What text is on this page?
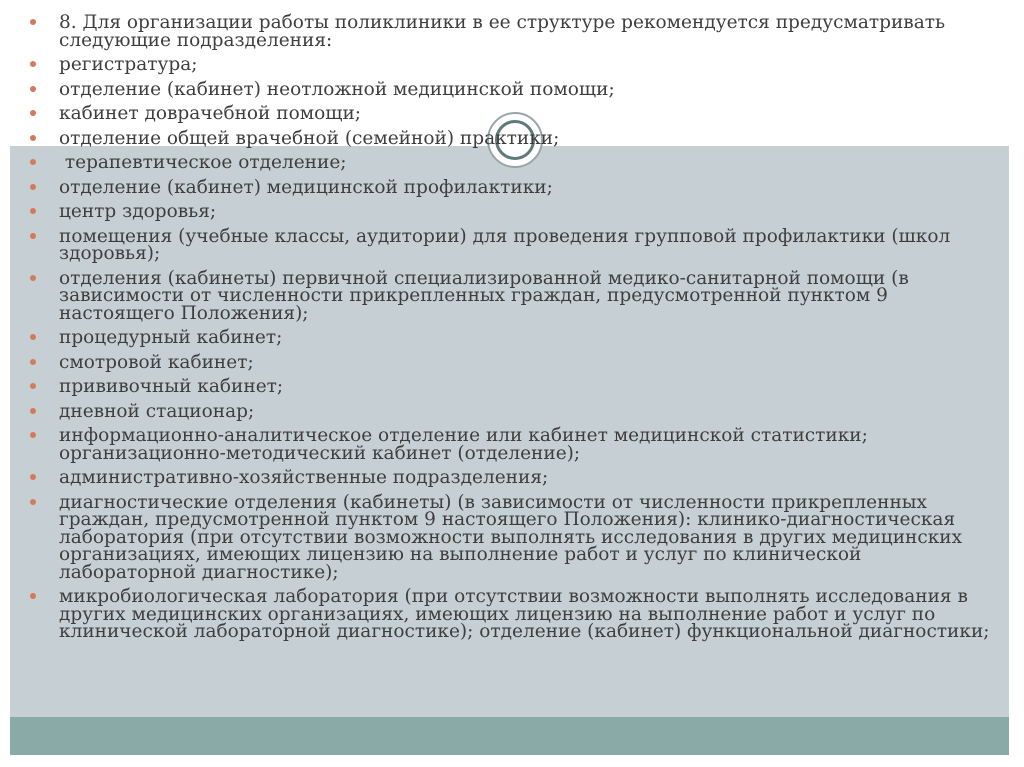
8. Для организации работы поликлиники в ее структуре рекомендуется предусматривать следующие подразделения:
регистратура;
отделение (кабинет) неотложной медицинской помощи;
кабинет доврачебной помощи;
отделение общей врачебной (семейной) практики;
терапевтическое отделение;
отделение (кабинет) медицинской профилактики;
центр здоровья;
помещения (учебные классы, аудитории) для проведения групповой профилактики (школ здоровья);
отделения (кабинеты) первичной специализированной медико-санитарной помощи (в зависимости от численности прикрепленных граждан, предусмотренной пунктом 9 настоящего Положения);
процедурный кабинет;
смотровой кабинет;
прививочный кабинет;
дневной стационар;
информационно-аналитическое отделение или кабинет медицинской статистики; организационно-методический кабинет (отделение);
административно-хозяйственные подразделения;
диагностические отделения (кабинеты) (в зависимости от численности прикрепленных граждан, предусмотренной пунктом 9 настоящего Положения): клинико-диагностическая лаборатория (при отсутствии возможности выполнять исследования в других медицинских организациях, имеющих лицензию на выполнение работ и услуг по клинической лабораторной диагностике);
микробиологическая лаборатория (при отсутствии возможности выполнять исследования в других медицинских организациях, имеющих лицензию на выполнение работ и услуг по клинической лабораторной диагностике); отделение (кабинет) функциональной диагностики;
